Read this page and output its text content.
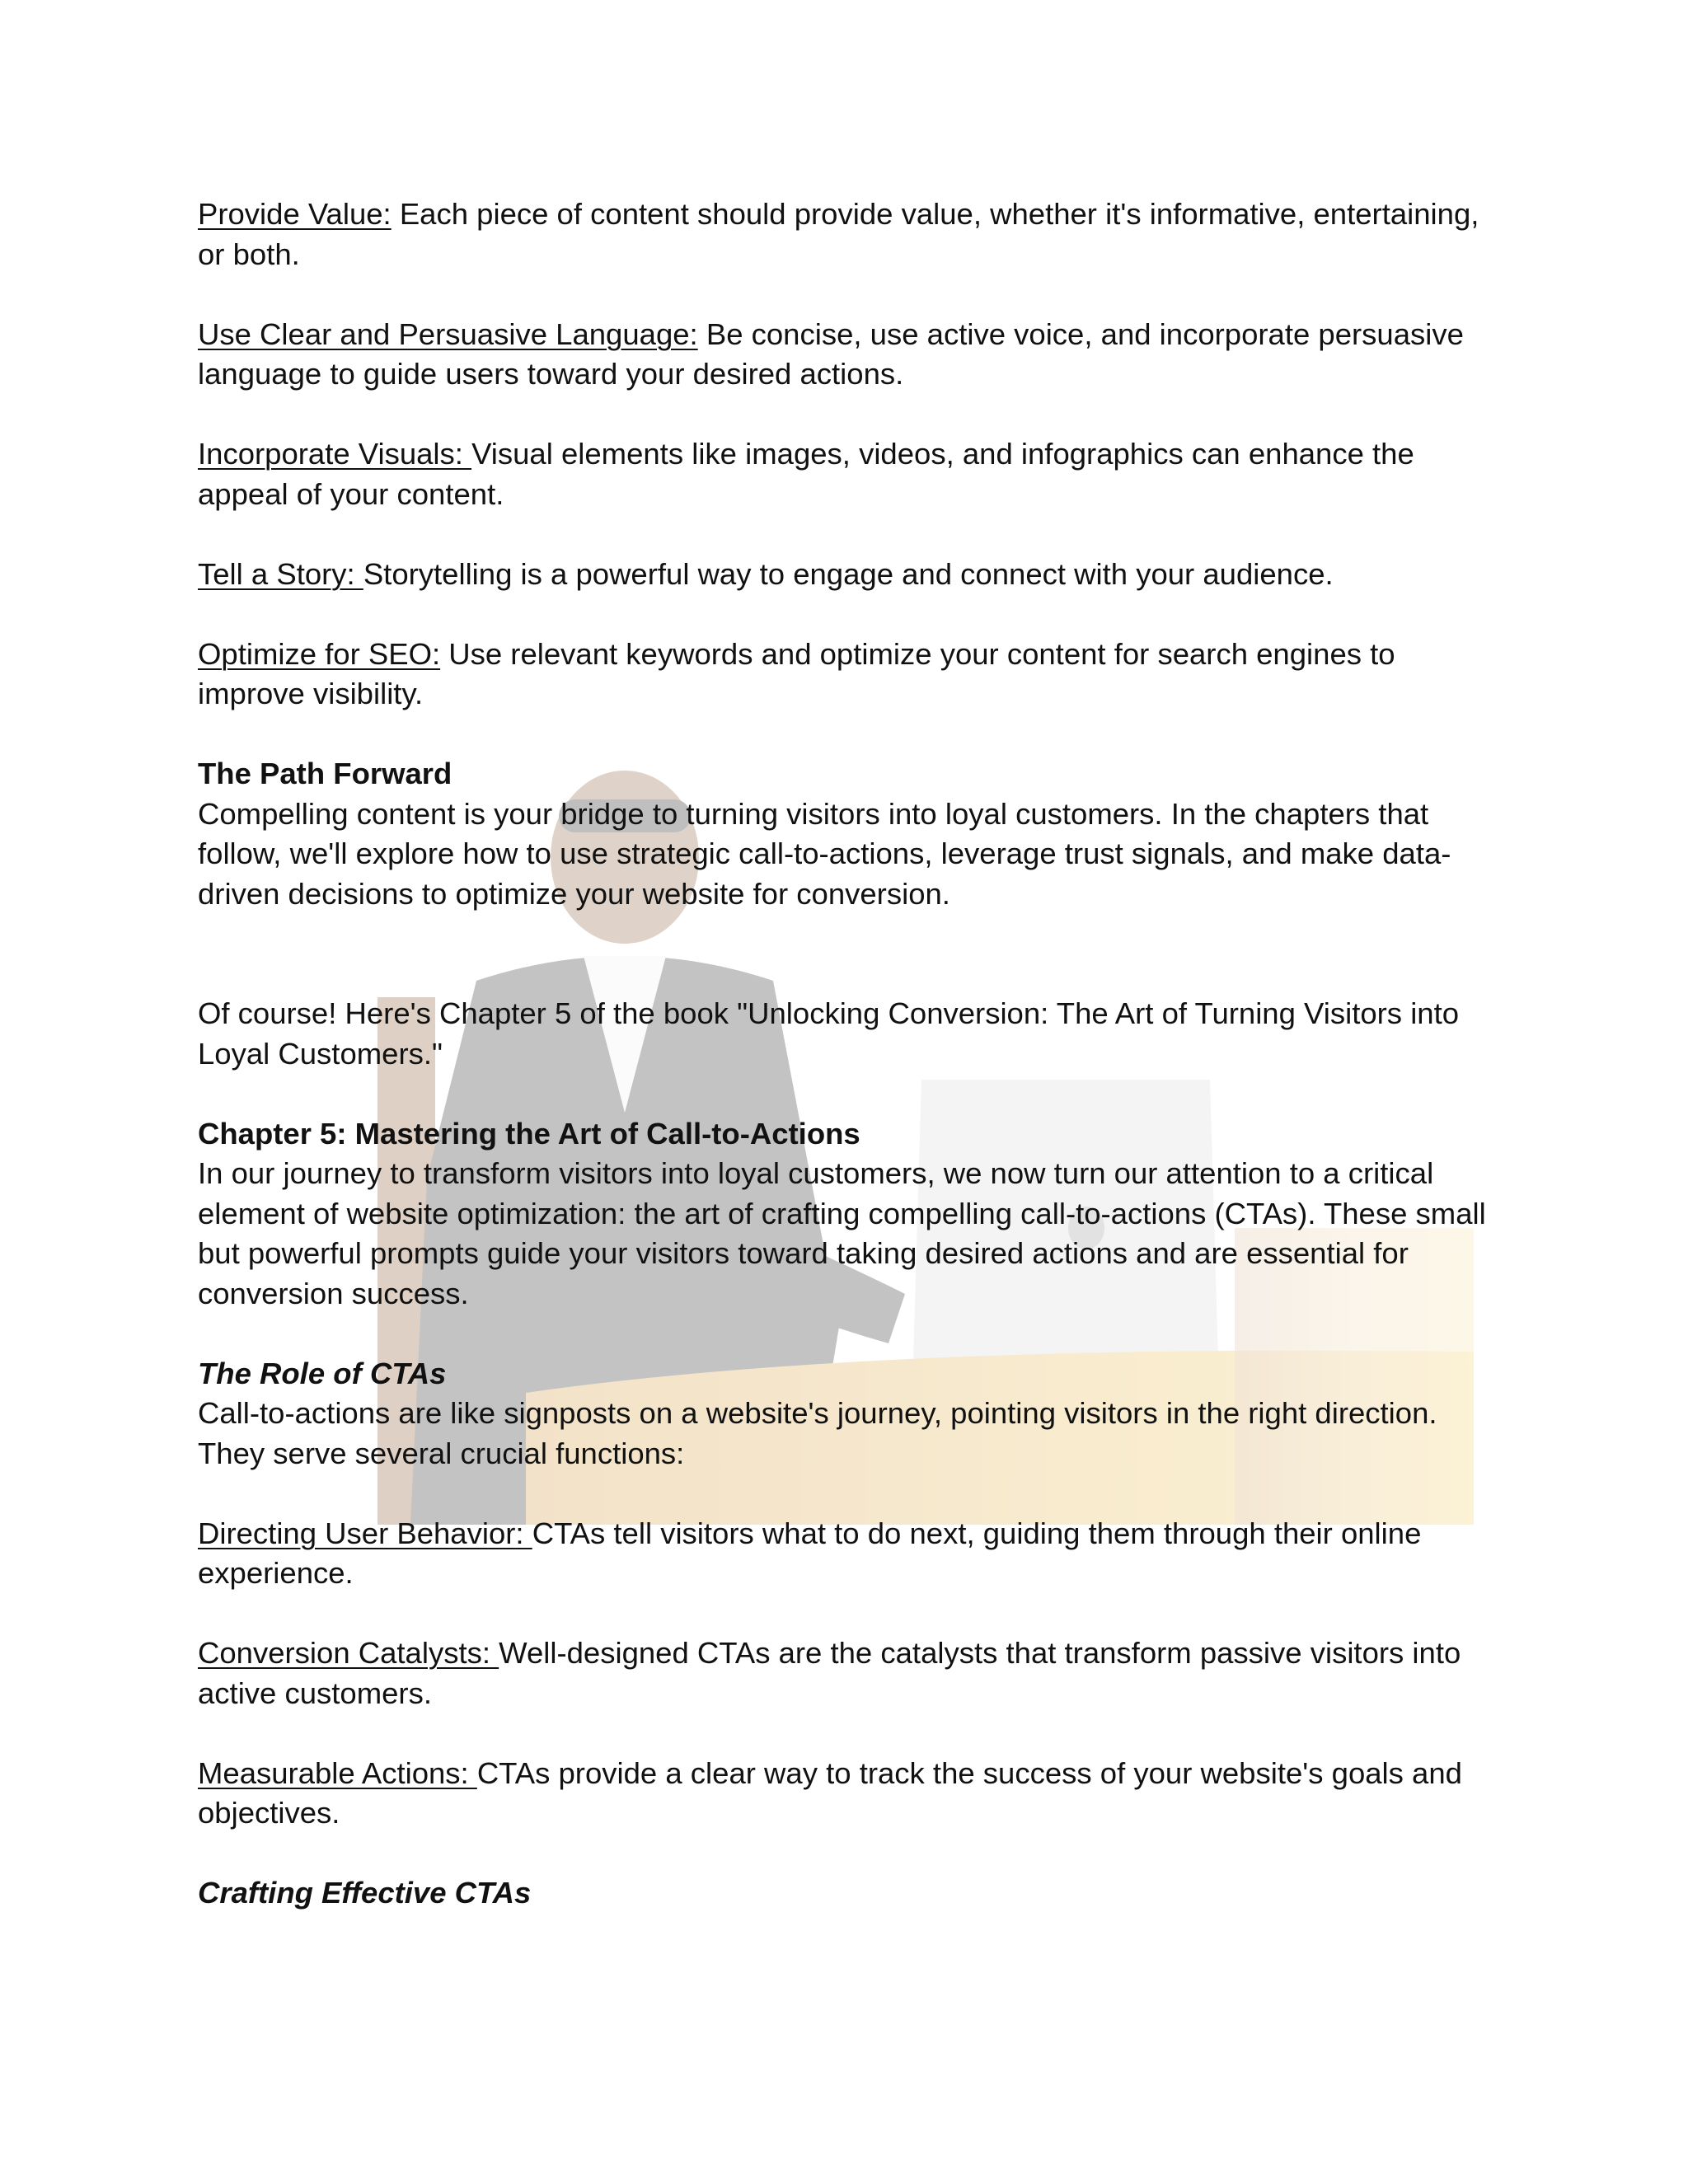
Provide Value: Each piece of content should provide value, whether it's informative, entertaining, or both.

Use Clear and Persuasive Language: Be concise, use active voice, and incorporate persuasive language to guide users toward your desired actions.

Incorporate Visuals: Visual elements like images, videos, and infographics can enhance the appeal of your content.

Tell a Story: Storytelling is a powerful way to engage and connect with your audience.

Optimize for SEO: Use relevant keywords and optimize your content for search engines to improve visibility.

The Path Forward

Compelling content is your bridge to turning visitors into loyal customers. In the chapters that follow, we'll explore how to use strategic call-to-actions, leverage trust signals, and make data-driven decisions to optimize your website for conversion.

Of course! Here's Chapter 5 of the book "Unlocking Conversion: The Art of Turning Visitors into Loyal Customers."

Chapter 5: Mastering the Art of Call-to-Actions

In our journey to transform visitors into loyal customers, we now turn our attention to a critical element of website optimization: the art of crafting compelling call-to-actions (CTAs). These small but powerful prompts guide your visitors toward taking desired actions and are essential for conversion success.

The Role of CTAs

Call-to-actions are like signposts on a website's journey, pointing visitors in the right direction. They serve several crucial functions:

Directing User Behavior: CTAs tell visitors what to do next, guiding them through their online experience.

Conversion Catalysts: Well-designed CTAs are the catalysts that transform passive visitors into active customers.

Measurable Actions: CTAs provide a clear way to track the success of your website's goals and objectives.

Crafting Effective CTAs
